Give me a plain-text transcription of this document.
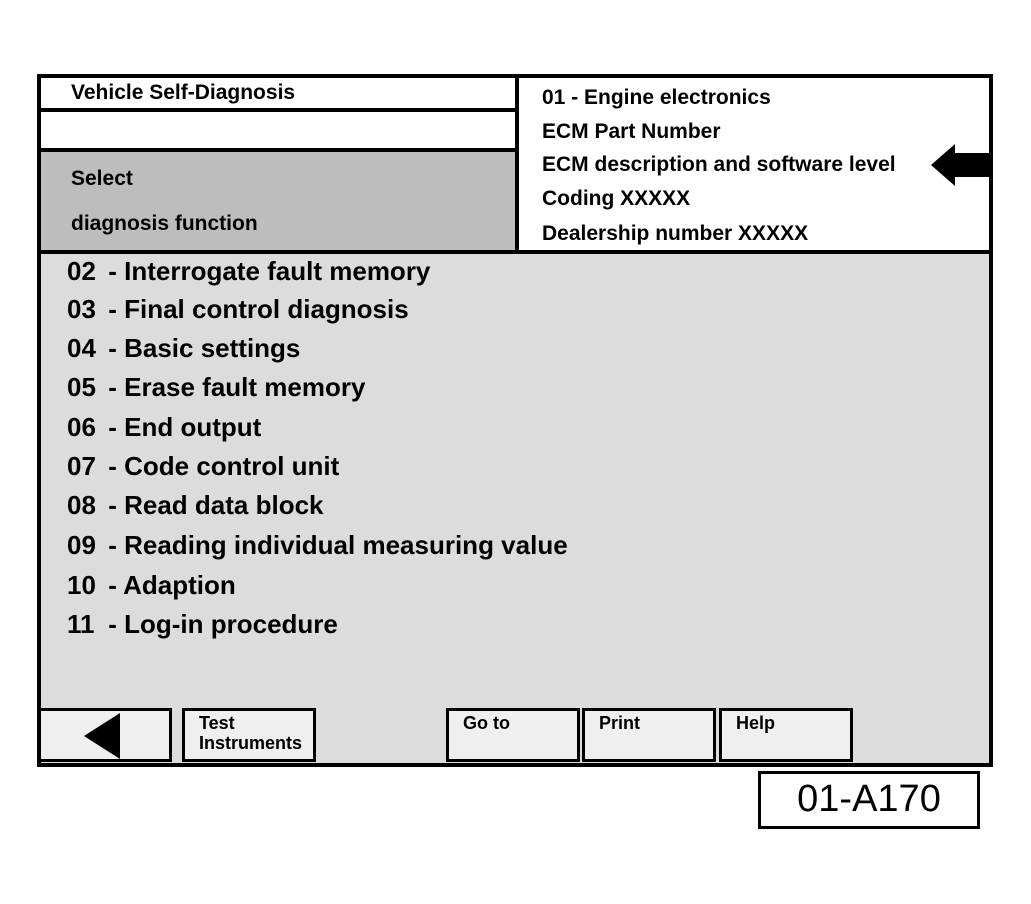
Vehicle Self-Diagnosis
Select
diagnosis function
01 - Engine electronics
ECM Part Number
ECM description and software level
Coding XXXXX
Dealership number XXXXX
02 - Interrogate fault memory
03 - Final control diagnosis
04 - Basic settings
05 - Erase fault memory
06 - End output
07 - Code control unit
08 - Read data block
09 - Reading individual measuring value
10 - Adaption
11 - Log-in procedure
Test
Instruments
Go to	Print	Help
01-A170
